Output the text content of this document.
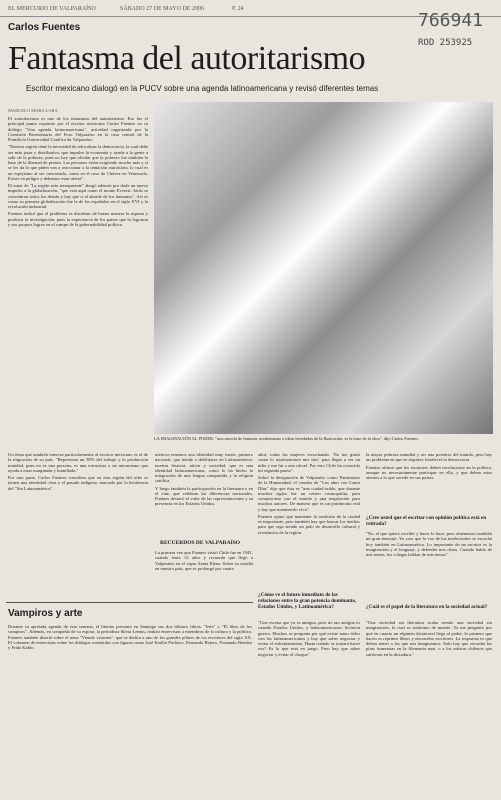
EL MERCURIO DE VALPARAÍSO	SÁBADO 27 DE MAYO DE 2006	P. 24
766941
ROD 253925
Carlos Fuentes
Fantasma del autoritarismo
Escritor mexicano dialogó en la PUCV sobre una agenda latinoamericana y revisó diferentes temas
MARCELO MORA LARA
LA IMAGINACIÓN AL PODER: "una mezcla de fantasía, modernismo e ideas heredadas de la Ilustración, es la base de la obra", dijo Carlos Fuentes.

El autoritarismo es uno de los fantasmas del autoritarismo. Ese fue el principal punto expuesto por el escritor mexicano Carlos Fuentes en su diálogo "Una agenda latinoamericana", actividad organizada por la Comisión Bicentenario del Foro Valparaíso en la casa central de la Pontificia Universidad Católica de Valparaíso.

"Nuestra región tiene la necesidad de relocalizar la democracia, la cual debe ser más justa y distributiva, que impulse la economía y ayude a la gente a salir de la pobreza, pues no hay que olvidar que la pobreza fue también la base de la libertad de prensa. Las personas están exigiendo mucho más y si se les da lo que piden van a reaccionar a la tentación autoritaria, lo cual es un espejismo al ser concretado, como en el caso de Chávez en Venezuela. Existe en peligro y debemos estar alerta".

El autor de "La región más transparente" abogó además por darle un nuevo impulso a la globalización, "que está aquí como el monte Everest. Atrás se concentran todos los demás y hay que ir al aborde de los humanos". Así es como su primera globalización fue la de los españoles en el siglo XVI y la revolución industrial.

Fuentes indicó que el problema es distribuir de buena manera la riqueza y producir la investigación, pues la experiencia de los países que lo lograron y sus propios logros en el campo de la gobernabilidad política.

Un tema que también interesa particularmente al escritor mexicano es el de la migración de su país. "Representa un 38% del trabajo y la producción mundial, pues no es una persona, es una estructura y un mecanismo que ayuda a estar marginada y humillada."

Por otra parte, Carlos Fuentes considera que en esta región del orbe se tienen una identidad clara y el pasado indígena, marcado por la bivalencia del "Sin Latinoamérica".

méricos tenemos una identidad muy fuerte, primero nacional, que tiende a debilitarse en Latinoamérica: nuestra historia, raíces y sociedad, que es una identidad latinoamericana, como lo ha hecho la integración de una lengua compartida y la religión católica.

Y luego también la participación en la literatura y en el cine, que celebran las diferencias nacionales. Fuentes destacó el valor de las representaciones y su presencia en los Estados Unidos.

RECUERDOS DE VALPARAÍSO
La primera vez que Fuentes visitó Chile fue en 1941, cuando tenía 12 años y recuerda que llegó a Valparaíso en el vapor Santa Elena. Sobre su estadía en nuestro país, que se prolongó por cuatro

años, todas las mujeres escuchando: 'No me gustó como lo representaron mis tías', para llegar a ser un niño y me fui a una cárcel. Por esto Chile ha conocido mi segunda patria".

Sobre la designación de Valparaíso como Patrimonio de la Humanidad, el creador de "Los años con Laura Díaz" dijo que ésta es "una ciudad noble, que durante muchos siglos fue un centro cosmopolita, para comunicarse con el mundo y una inspiración para muchos autores. De manera que es un patrimonio real y hay que mantenerlo vivo".

Fuentes opinó que mantener la tradición de la ciudad es importante, pero también hay que buscar los medios para que siga siendo un polo de desarrollo cultural y económico de la región.

¿Cómo ve el futuro inmediato de las relaciones entre la gran potencia dominante, Estados Unidos, y Latinoamérica?
"Una escena que ya es antigua, pero no tan antigua es cuando Estados Unidos, y latinoamericanos, hicieron guerra. Muchos se pregunta por qué existe tanto dolor con los latinoamericanos y hay que saber negociar y evitar el enfrentamiento. Hasta cuándo se tomará hacer eso? Es lo que está en juego. Pero hay que saber negociar y evitar el choque".

la mayor pobreza mundial y ser una potencia del mundo, pero hay un problema en que se requiere fortalecer la democracia.

Fuentes afirmó que los escritores deben involucrarse en la política, aunque no necesariamente participar en ella, y que deben estar atentos a lo que sucede en sus países.

¿Cree usted que el escritor con opinión política está en retirada?
"No, el que quiere escribir y hacer lo hace, pero obtenemos también un gran mensaje. Yo creo que la voz de los intelectuales se escucha hoy también en Latinoamérica. Lo importante de un escritor es la imaginación y el lenguaje, y defender mis obras. Cuando hablo de mis temas, los colegas hablan de mis temas".
¿Cuál es el papel de la literatura en la sociedad actual?
"Una sociedad sin literatura acaba siendo una sociedad sin imaginación, lo cual es sinónimo de muerte. Ya me pregunto por qué en cuanto un régimen dictatorial llega al poder, lo primero que hacen es reprimir libros y encarcelar escritores. La respuesta es que deben temer a los que nos imaginamos. Solo hay que recordar las piras funerarias en la Alemania nazi, o a los artistas chilenos que sufrieron en la dictadura."
Vampiros y arte
Durante su apretada agenda de esta semana, el literato presentó en Santiago sus dos últimos libros: "Inés" y "El libro de los vampiros". Además, en compañía de su esposa, la periodista Silvia Lemus, realizó entrevistas a miembros de la cultura y la política. Fuentes también disertó sobre el tema "Viendo visiones", que se dedica a uno de los grandes pilares de los escritores del siglo XX. El volumen de entrevistas reúne los diálogos sostenidos con figuras como José Emilio Pacheco, Fernando Botero, Fernando Benítez y Frida Kahlo.
